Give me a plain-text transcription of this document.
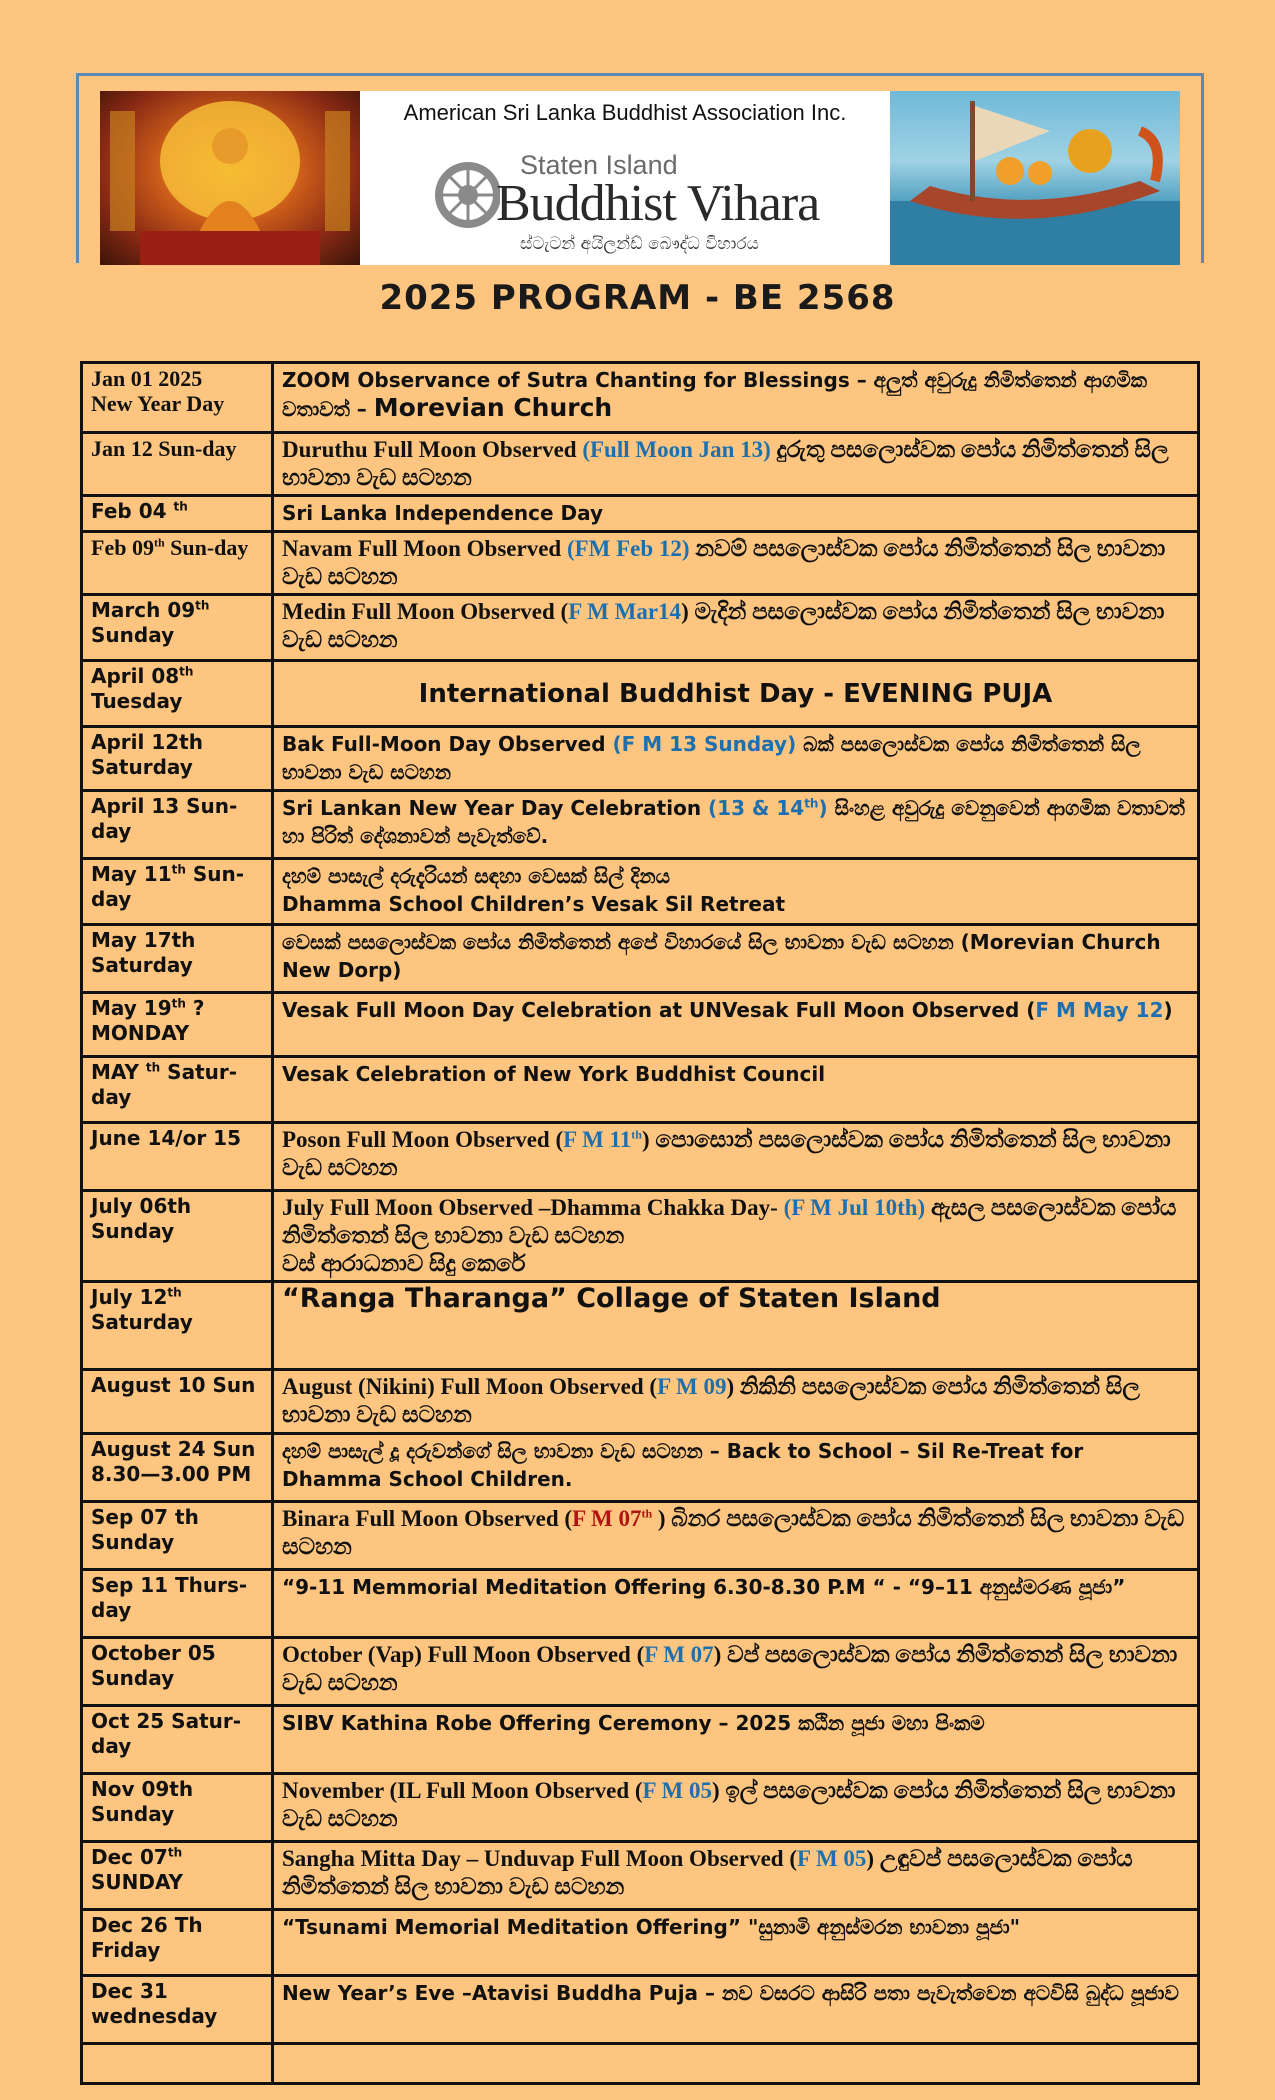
American Sri Lanka Buddhist Association Inc.
Staten Island
Buddhist Vihara
ස්ටැටන් අයිලන්ඩ් බෞද්ධ විහාරය
2025 PROGRAM - BE 2568
Jan 01 2025
New Year Day	ZOOM Observance of Sutra Chanting for Blessings – අලුත් අවුරුදු නිමිත්තෙන් ආගමික වතාවත් – Morevian Church
Jan 12 Sun-day	Duruthu Full Moon Observed (Full Moon Jan 13) දුරුතු පසලොස්වක පෝය නිමිත්තෙන් සිල භාවනා වැඩ සටහන
Feb 04 $^{th}$	Sri Lanka Independence Day
Feb 09th Sun-day	Navam Full Moon Observed (FM Feb 12) නවම් පසලොස්වක පෝය නිමිත්තෙන් සිල භාවනා වැඩ සටහන
March 09th
Sunday	Medin Full Moon Observed (F M Mar14) මැදින් පසලොස්වක පෝය නිමිත්තෙන් සිල භාවනා වැඩ සටහන
April 08th
Tuesday	International Buddhist Day - EVENING PUJA
April 12th
Saturday	Bak Full-Moon Day Observed (F M 13 Sunday) බක් පසලොස්වක පෝය නිමිත්තෙන් සිල භාවනා වැඩ සටහන
April 13 Sun-day	Sri Lankan New Year Day Celebration (13 & 14th) සිංහළ අවුරුදු වෙනුවෙන් ආගමික වතාවත් හා පිරිත් දේශනාවන් පැවැත්වේ.
May 11th Sun-day	දහම් පාසැල් දරුදැරියන් සඳහා වෙසක් සිල් දිනය
Dhamma School Children’s Vesak Sil Retreat
May 17th
Saturday	වෙසක් පසලොස්වක පෝය නිමිත්තෙන් අපේ විහාරයේ සිල භාවනා වැඩ සටහන (Morevian Church New Dorp)
May 19th ?
MONDAY	Vesak Full Moon Day Celebration at UNVesak Full Moon Observed (F M May 12)
MAY $^{th}$ Satur-day	Vesak Celebration of New York Buddhist Council
June 14/or 15	Poson Full Moon Observed (F M 11th) පොසොන් පසලොස්වක පෝය නිමිත්තෙන් සිල භාවනා වැඩ සටහන
July 06th
Sunday	July Full Moon Observed –Dhamma Chakka Day- (F M Jul 10th) ඇසල පසලොස්වක පෝය නිමිත්තෙන් සිල භාවනා වැඩ සටහන
වස් ආරාධනාව සිදු කෙරේ
July 12th
Saturday	“Ranga Tharanga” Collage of Staten Island
August 10 Sun	August (Nikini) Full Moon Observed (F M 09) නිකිනි පසලොස්වක පෝය නිමිත්තෙන් සිල භාවනා වැඩ සටහන
August 24 Sun
8.30—3.00 PM	දහම් පාසැල් දූ දරුවන්ගේ සිල භාවනා වැඩ සටහන – Back to School – Sil Re-Treat for Dhamma School Children.
Sep 07 th
Sunday	Binara Full Moon Observed (F M 07th ) බිනර පසලොස්වක පෝය නිමිත්තෙන් සිල භාවනා වැඩ සටහන
Sep 11 Thurs-day	“9-11 Memmorial Meditation Offering 6.30-8.30 P.M “ - “9–11 අනුස්මරණ පූජා”
October 05
Sunday	October (Vap) Full Moon Observed (F M 07) වප් පසලොස්වක පෝය නිමිත්තෙන් සිල භාවනා වැඩ සටහන
Oct 25 Satur-day	SIBV Kathina Robe Offering Ceremony – 2025 කඨින පූජා මහා පිංකම
Nov 09th
Sunday	November (IL Full Moon Observed (F M 05) ඉල් පසලොස්වක පෝය නිමිත්තෙන් සිල භාවනා වැඩ සටහන
Dec 07th
SUNDAY	Sangha Mitta Day – Unduvap Full Moon Observed (F M 05) උඳුවප් පසලොස්වක පෝය නිමිත්තෙන් සිල භාවනා වැඩ සටහන
Dec 26 Th
Friday	“Tsunami Memorial Meditation Offering” "සුනාමි අනුස්මරන භාවනා පූජා"
Dec 31
wednesday	New Year’s Eve –Atavisi Buddha Puja – නව වසරට ආසිරි පතා පැවැත්වෙන අටවිසි බුද්ධ පූජාව
